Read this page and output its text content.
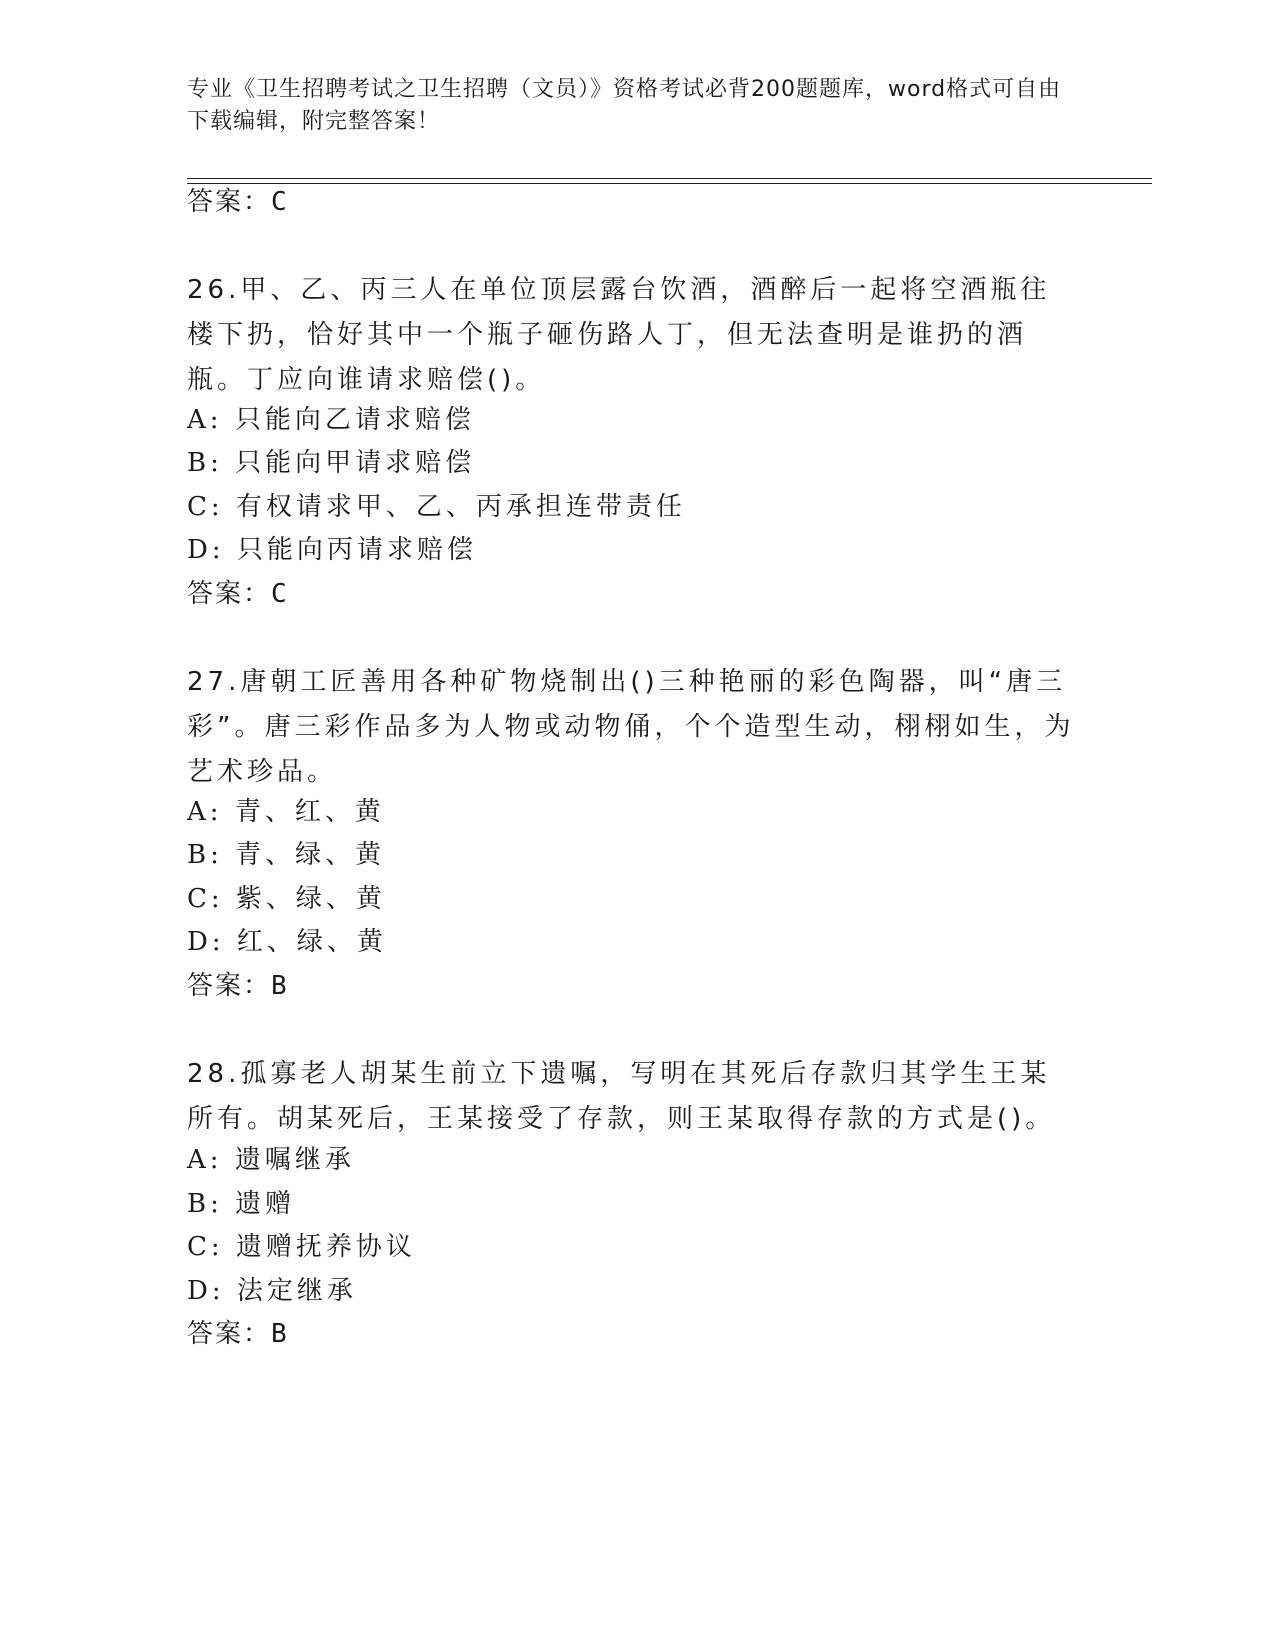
专业《卫生招聘考试之卫生招聘（文员）》资格考试必背200题题库，word格式可自由下载编辑，附完整答案！
答案：C
26.甲、乙、丙三人在单位顶层露台饮酒，酒醉后一起将空酒瓶往楼下扔，恰好其中一个瓶子砸伤路人丁，但无法查明是谁扔的酒瓶。丁应向谁请求赔偿()。
A: 只能向乙请求赔偿
B: 只能向甲请求赔偿
C: 有权请求甲、乙、丙承担连带责任
D: 只能向丙请求赔偿
答案：C
27.唐朝工匠善用各种矿物烧制出()三种艳丽的彩色陶器，叫“唐三彩”。唐三彩作品多为人物或动物俑，个个造型生动，栩栩如生，为艺术珍品。
A: 青、红、黄
B: 青、绿、黄
C: 紫、绿、黄
D: 红、绿、黄
答案：B
28.孤寡老人胡某生前立下遗嘱，写明在其死后存款归其学生王某所有。胡某死后，王某接受了存款，则王某取得存款的方式是()。
A: 遗嘱继承
B: 遗赠
C: 遗赠抚养协议
D: 法定继承
答案：B
